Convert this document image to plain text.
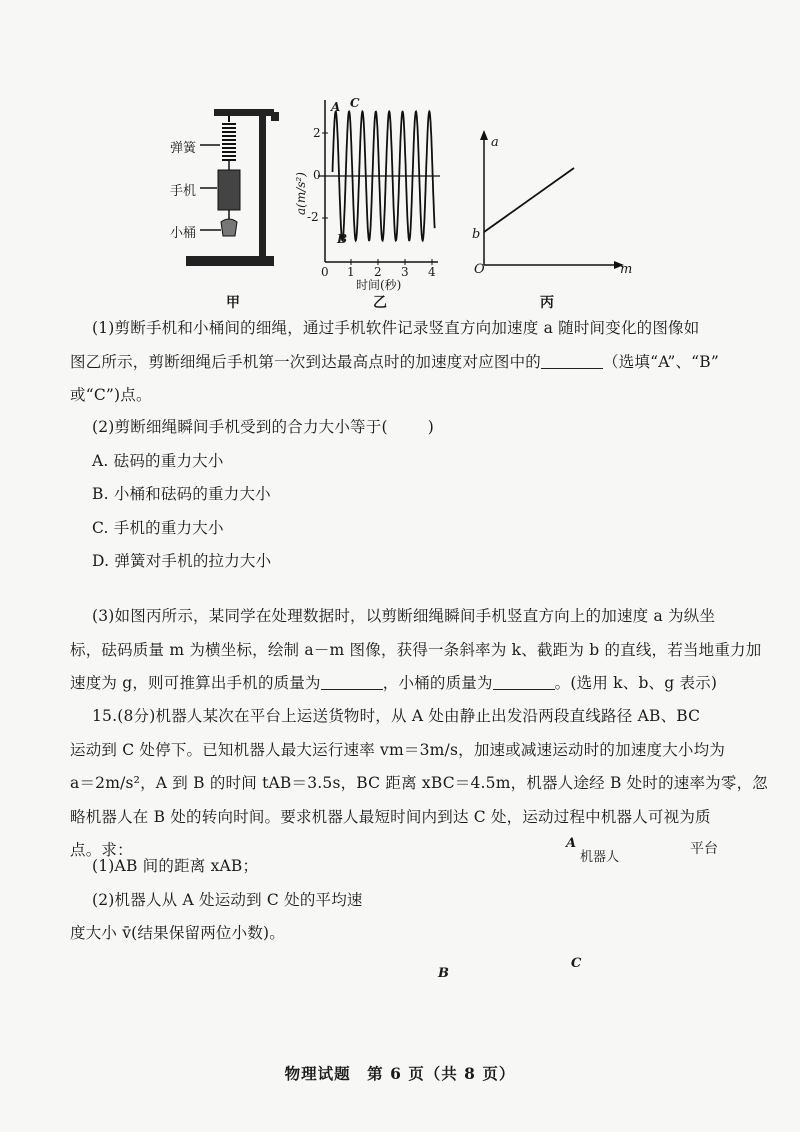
弹簧
手机
小桶
甲
a(m/s²)
2
0
-2
0 1 2 3 4
时间(秒)
A C
B
乙
a
b
O	m
丙
(1)剪断手机和小桶间的细绳，通过手机软件记录竖直方向加速度 a 随时间变化的图像如
图乙所示，剪断细绳后手机第一次到达最高点时的加速度对应图中的	（选填“A”、“B”
或“C”)点。
(2)剪断细绳瞬间手机受到的合力大小等于(	)
A. 砝码的重力大小
B. 小桶和砝码的重力大小
C. 手机的重力大小
D. 弹簧对手机的拉力大小
(3)如图丙所示，某同学在处理数据时，以剪断细绳瞬间手机竖直方向上的加速度 a 为纵坐
标，砝码质量 m 为横坐标，绘制 a－m 图像，获得一条斜率为 k、截距为 b 的直线，若当地重力加
速度为 g，则可推算出手机的质量为	，小桶的质量为	。(选用 k、b、g 表示)
15.(8分)机器人某次在平台上运送货物时，从 A 处由静止出发沿两段直线路径 AB、BC
运动到 C 处停下。已知机器人最大运行速率 vm＝3m/s，加速或减速运动时的加速度大小均为
a＝2m/s²，A 到 B 的时间 tAB＝3.5s，BC 距离 xBC＝4.5m，机器人途经 B 处时的速率为零，忽
略机器人在 B 处的转向时间。要求机器人最短时间内到达 C 处，运动过程中机器人可视为质
点。求：
(1)AB 间的距离 xAB；
(2)机器人从 A 处运动到 C 处的平均速
度大小 v̄(结果保留两位小数)。
A
机器人
平台
B
C
物理试题　第 6 页（共 8 页）
